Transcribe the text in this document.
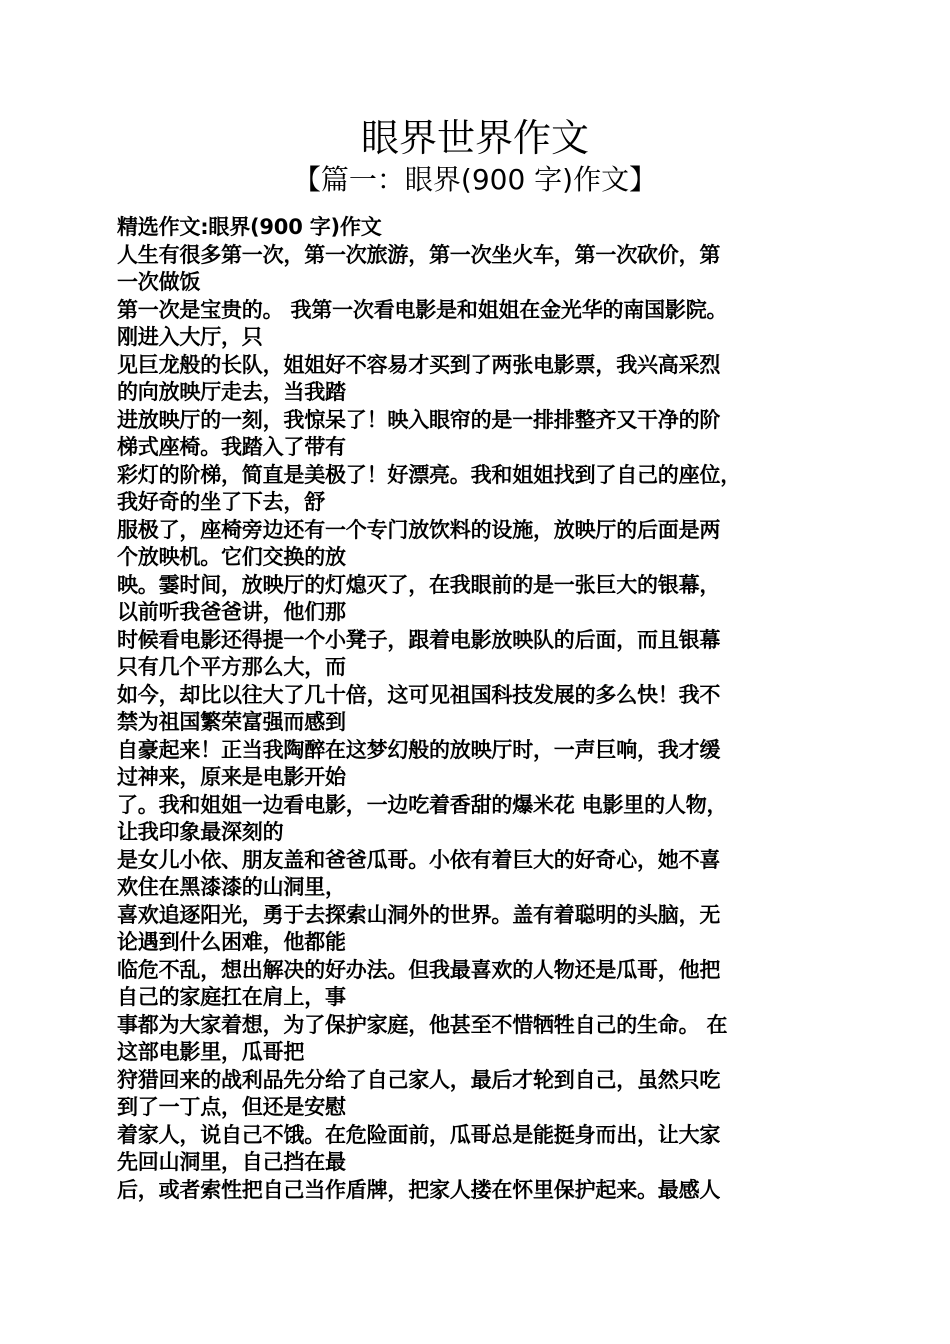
眼界世界作文
【篇一：眼界(900 字)作文】
精选作文:眼界(900 字)作文
人生有很多第一次，第一次旅游，第一次坐火车，第一次砍价，第
一次做饭
第一次是宝贵的。 我第一次看电影是和姐姐在金光华的南国影院。
刚进入大厅，只
见巨龙般的长队，姐姐好不容易才买到了两张电影票，我兴高采烈
的向放映厅走去，当我踏
进放映厅的一刻，我惊呆了！映入眼帘的是一排排整齐又干净的阶
梯式座椅。我踏入了带有
彩灯的阶梯，简直是美极了！好漂亮。我和姐姐找到了自己的座位，
我好奇的坐了下去，舒
服极了，座椅旁边还有一个专门放饮料的设施，放映厅的后面是两
个放映机。它们交换的放
映。霎时间，放映厅的灯熄灭了，在我眼前的是一张巨大的银幕，
以前听我爸爸讲，他们那
时候看电影还得提一个小凳子，跟着电影放映队的后面，而且银幕
只有几个平方那么大，而
如今，却比以往大了几十倍，这可见祖国科技发展的多么快！我不
禁为祖国繁荣富强而感到
自豪起来！正当我陶醉在这梦幻般的放映厅时，一声巨响，我才缓
过神来，原来是电影开始
了。我和姐姐一边看电影，一边吃着香甜的爆米花 电影里的人物，
让我印象最深刻的
是女儿小依、朋友盖和爸爸瓜哥。小依有着巨大的好奇心，她不喜
欢住在黑漆漆的山洞里，
喜欢追逐阳光，勇于去探索山洞外的世界。盖有着聪明的头脑，无
论遇到什么困难，他都能
临危不乱，想出解决的好办法。但我最喜欢的人物还是瓜哥，他把
自己的家庭扛在肩上，事
事都为大家着想，为了保护家庭，他甚至不惜牺牲自己的生命。 在
这部电影里，瓜哥把
狩猎回来的战利品先分给了自己家人，最后才轮到自己，虽然只吃
到了一丁点，但还是安慰
着家人，说自己不饿。在危险面前，瓜哥总是能挺身而出，让大家
先回山洞里，自己挡在最
后，或者索性把自己当作盾牌，把家人搂在怀里保护起来。最感人
